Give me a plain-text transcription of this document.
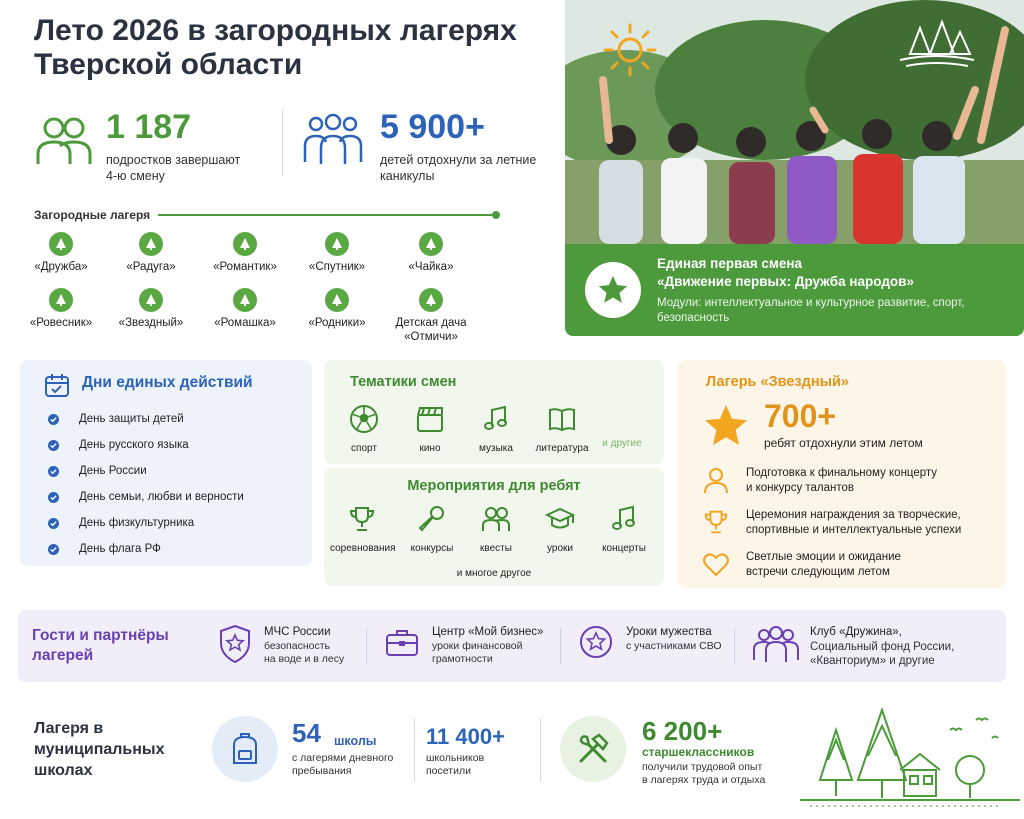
Лето 2026 в загородных лагерях
Тверской области
1 187
подростков завершают
4-ю смену
5 900+
детей отдохнули за летние
каникулы
Загородные лагеря
«Дружба»	«Радуга»	«Романтик»	«Спутник»	«Чайка»
«Ровесник»	«Звездный»	«Ромашка»	«Родники»	Детская дача
«Отмичи»
Единая первая смена
«Движение первых: Дружба народов»
Модули: интеллектуальное и культурное развитие, спорт, безопасность
Дни единых действий
День защиты детей
День русского языка
День России
День семьи, любви и верности
День физкультурника
День флага РФ
Тематики смен
спорт	кино	музыка	литература	и другие
Мероприятия для ребят
соревнования	конкурсы	квесты	уроки	концерты
и многое другое
Лагерь «Звездный»
700+
ребят отдохнули этим летом
Подготовка к финальному концерту
и конкурсу талантов
Церемония награждения за творческие,
спортивные и интеллектуальные успехи
Светлые эмоции и ожидание
встречи следующим летом
Гости и партнёры
лагерей
МЧС России
безопасность
на воде и в лесу
Центр «Мой бизнес»
уроки финансовой
грамотности
Уроки мужества
с участниками СВО
Клуб «Дружина»,
Социальный фонд России,
«Кванториум» и другие
Лагеря в
муниципальных
школах
54 школы
с лагерями дневного
пребывания
11 400+
школьников
посетили
6 200+
старшеклассников
получили трудовой опыт
в лагерях труда и отдыха
